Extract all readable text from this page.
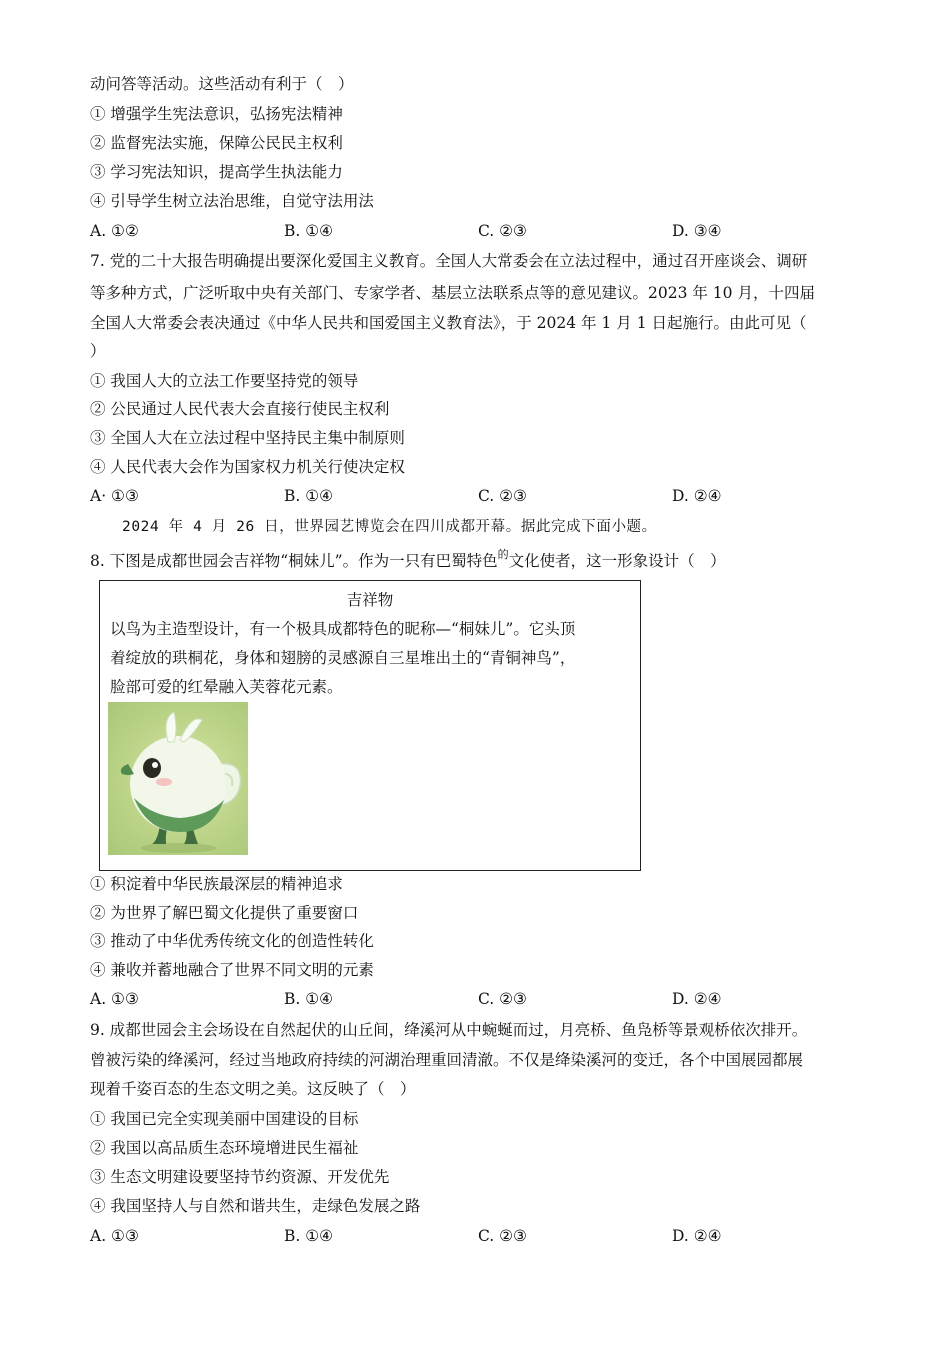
动问答等活动。这些活动有利于（　）
① 增强学生宪法意识，弘扬宪法精神
② 监督宪法实施，保障公民民主权利
③ 学习宪法知识，提高学生执法能力
④ 引导学生树立法治思维，自觉守法用法
A. ①②	B. ①④	C. ②③	D. ③④
7. 党的二十大报告明确提出要深化爱国主义教育。全国人大常委会在立法过程中，通过召开座谈会、调研
等多种方式，广泛听取中央有关部门、专家学者、基层立法联系点等的意见建议。2023 年 10 月，十四届
全国人大常委会表决通过《中华人民共和国爱国主义教育法》，于 2024 年 1 月 1 日起施行。由此可见（
）
① 我国人大的立法工作要坚持党的领导
② 公民通过人民代表大会直接行使民主权利
③ 全国人大在立法过程中坚持民主集中制原则
④ 人民代表大会作为国家权力机关行使决定权
A· ①③	B. ①④	C. ②③	D. ②④
2024 年 4 月 26 日，世界园艺博览会在四川成都开幕。据此完成下面小题。
8. 下图是成都世园会吉祥物“桐妹儿”。作为一只有巴蜀特色$^的$文化使者，这一形象设计（　）
吉祥物
以鸟为主造型设计，有一个极具成都特色的昵称—“桐妹儿”。它头顶
着绽放的珙桐花，身体和翅膀的灵感源自三星堆出土的“青铜神鸟”，
脸部可爱的红晕融入芙蓉花元素。
① 积淀着中华民族最深层的精神追求
② 为世界了解巴蜀文化提供了重要窗口
③ 推动了中华优秀传统文化的创造性转化
④ 兼收并蓄地融合了世界不同文明的元素
A. ①③	B. ①④	C. ②③	D. ②④
9. 成都世园会主会场设在自然起伏的山丘间，绛溪河从中蜿蜒而过，月亮桥、鱼凫桥等景观桥依次排开。
曾被污染的绛溪河，经过当地政府持续的河湖治理重回清澈。不仅是绛染溪河的变迁，各个中国展园都展
现着千姿百态的生态文明之美。这反映了（　）
① 我国已完全实现美丽中国建设的目标
② 我国以高品质生态环境增进民生福祉
③ 生态文明建设要坚持节约资源、开发优先
④ 我国坚持人与自然和谐共生，走绿色发展之路
A. ①③	B. ①④	C. ②③	D. ②④
